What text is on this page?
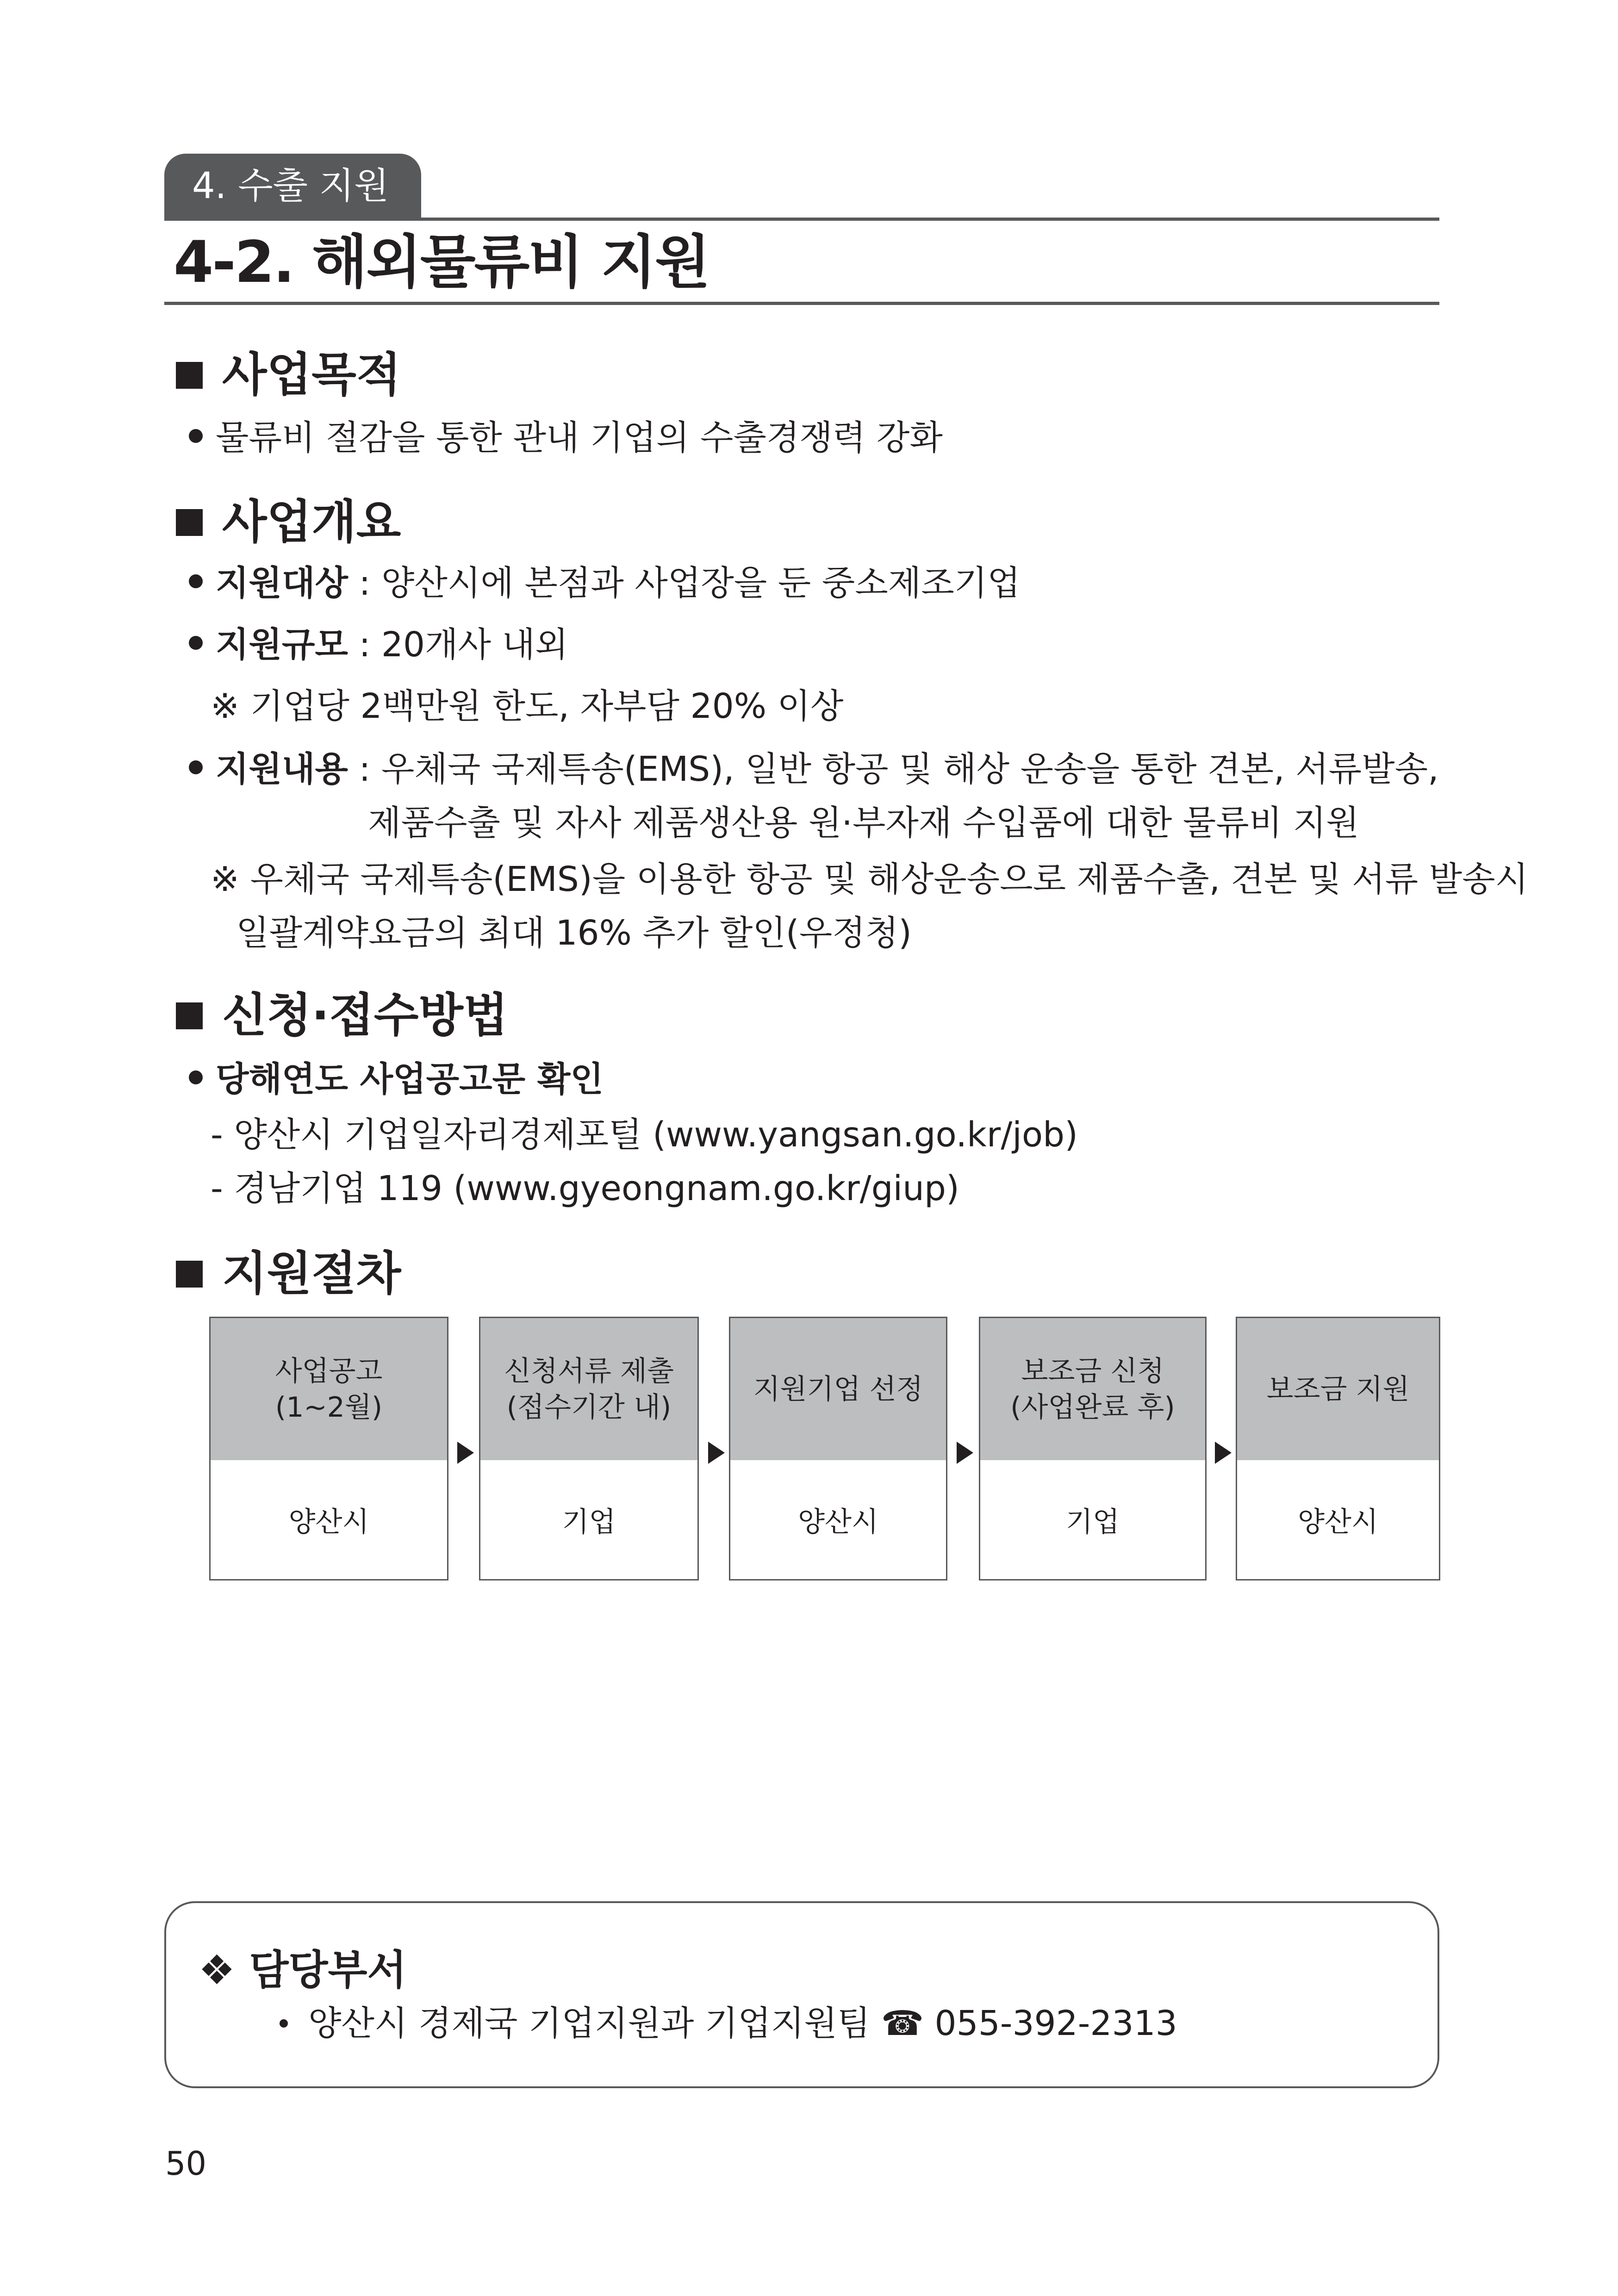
4. 수출 지원
4-2. 해외물류비 지원
사업목적
물류비 절감을 통한 관내 기업의 수출경쟁력 강화
사업개요
지원대상 : 양산시에 본점과 사업장을 둔 중소제조기업
지원규모 : 20개사 내외
※ 기업당 2백만원 한도, 자부담 20% 이상
지원내용 : 우체국 국제특송(EMS), 일반 항공 및 해상 운송을 통한 견본, 서류발송,
제품수출 및 자사 제품생산용 원·부자재 수입품에 대한 물류비 지원
※ 우체국 국제특송(EMS)을 이용한 항공 및 해상운송으로 제품수출, 견본 및 서류 발송시
일괄계약요금의 최대 16% 추가 할인(우정청)
신청·접수방법
당해연도 사업공고문 확인
- 양산시 기업일자리경제포털 (www.yangsan.go.kr/job)
- 경남기업 119 (www.gyeongnam.go.kr/giup)
지원절차
사업공고
(1~2월)
양산시
신청서류 제출
(접수기간 내)
기업
지원기업 선정
양산시
보조금 신청
(사업완료 후)
기업
보조금 지원
양산시
❖ 담당부서
양산시 경제국 기업지원과 기업지원팀 ☎ 055-392-2313
50
